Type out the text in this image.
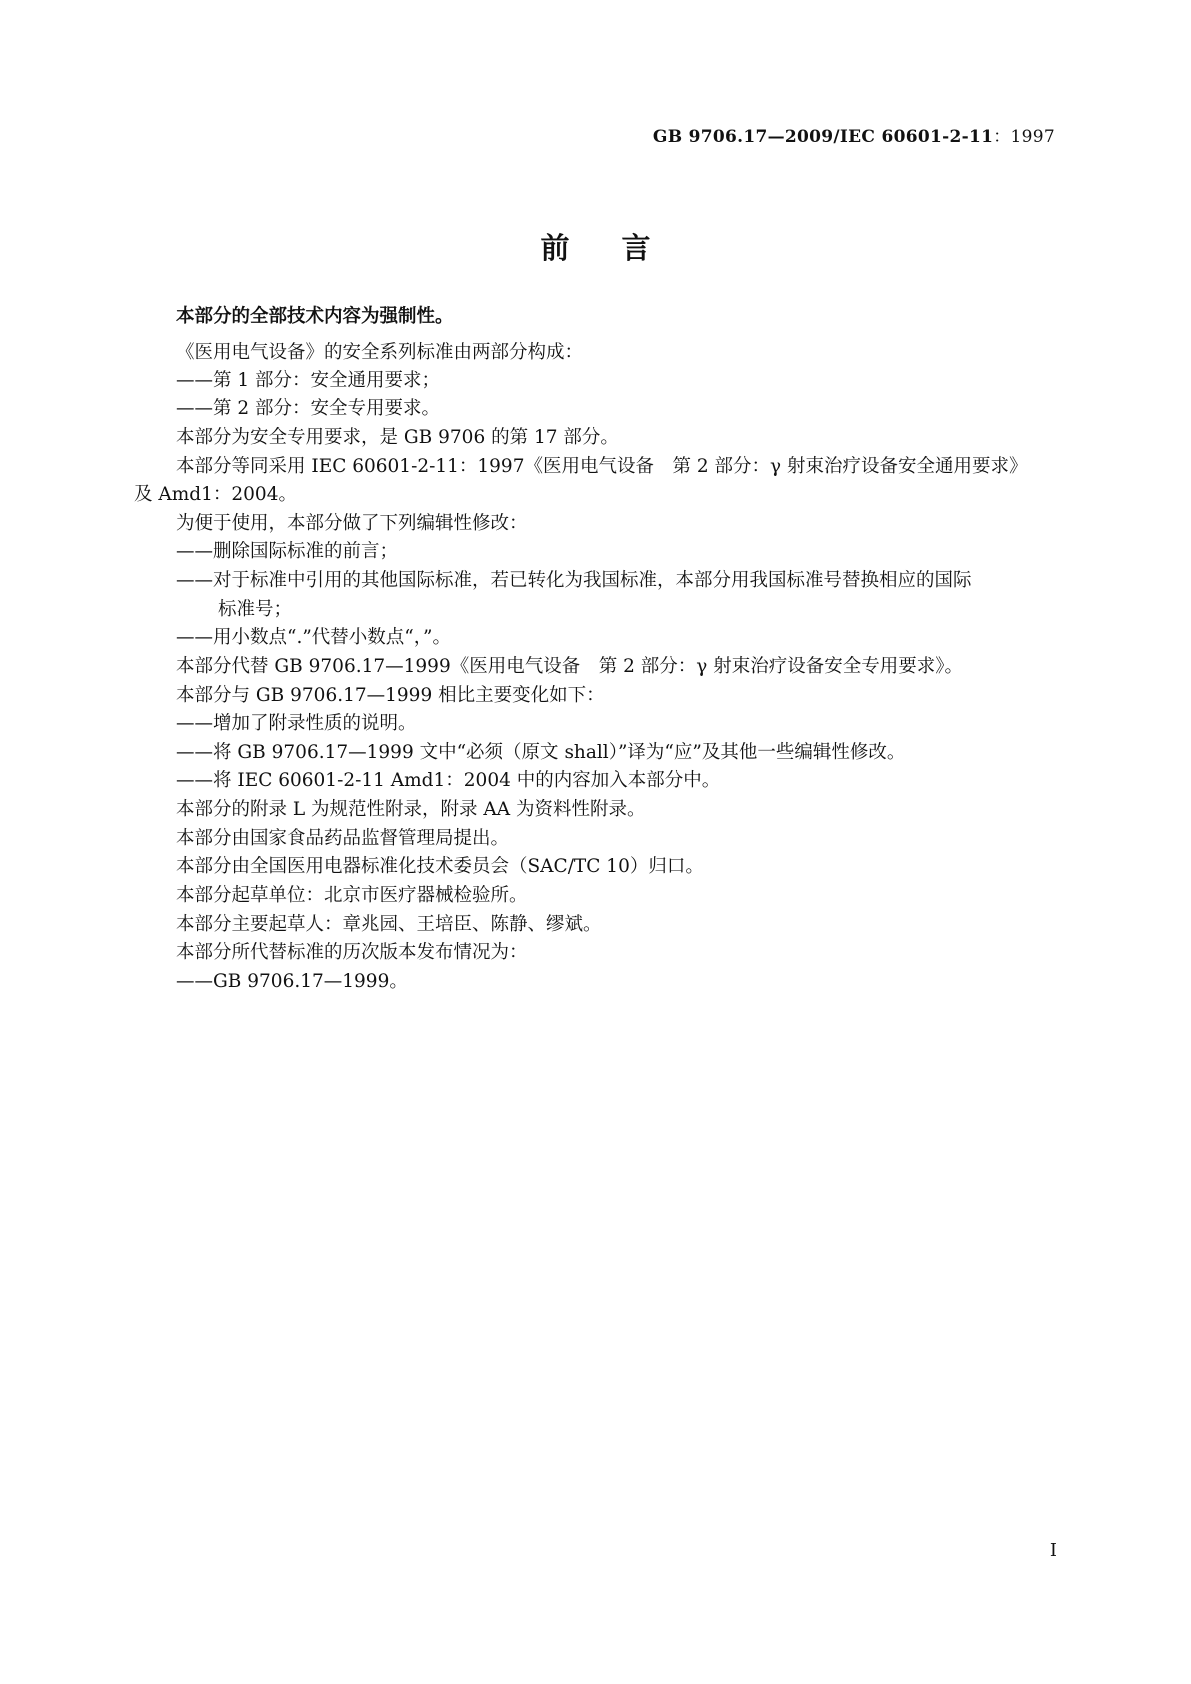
GB 9706.17—2009/IEC 60601-2-11：1997
前言
本部分的全部技术内容为强制性。
《医用电气设备》的安全系列标准由两部分构成：
——第 1 部分：安全通用要求；
——第 2 部分：安全专用要求。
本部分为安全专用要求，是 GB 9706 的第 17 部分。
本部分等同采用 IEC 60601-2-11：1997《医用电气设备　第 2 部分：γ 射束治疗设备安全通用要求》
及 Amd1：2004。
为便于使用，本部分做了下列编辑性修改：
——删除国际标准的前言；
——对于标准中引用的其他国际标准，若已转化为我国标准，本部分用我国标准号替换相应的国际
标准号；
——用小数点“.”代替小数点“，”。
本部分代替 GB 9706.17—1999《医用电气设备　第 2 部分：γ 射束治疗设备安全专用要求》。
本部分与 GB 9706.17—1999 相比主要变化如下：
——增加了附录性质的说明。
——将 GB 9706.17—1999 文中“必须（原文 shall）”译为“应”及其他一些编辑性修改。
——将 IEC 60601-2-11 Amd1：2004 中的内容加入本部分中。
本部分的附录 L 为规范性附录，附录 AA 为资料性附录。
本部分由国家食品药品监督管理局提出。
本部分由全国医用电器标准化技术委员会（SAC/TC 10）归口。
本部分起草单位：北京市医疗器械检验所。
本部分主要起草人：章兆园、王培臣、陈静、缪斌。
本部分所代替标准的历次版本发布情况为：
——GB 9706.17—1999。
I
